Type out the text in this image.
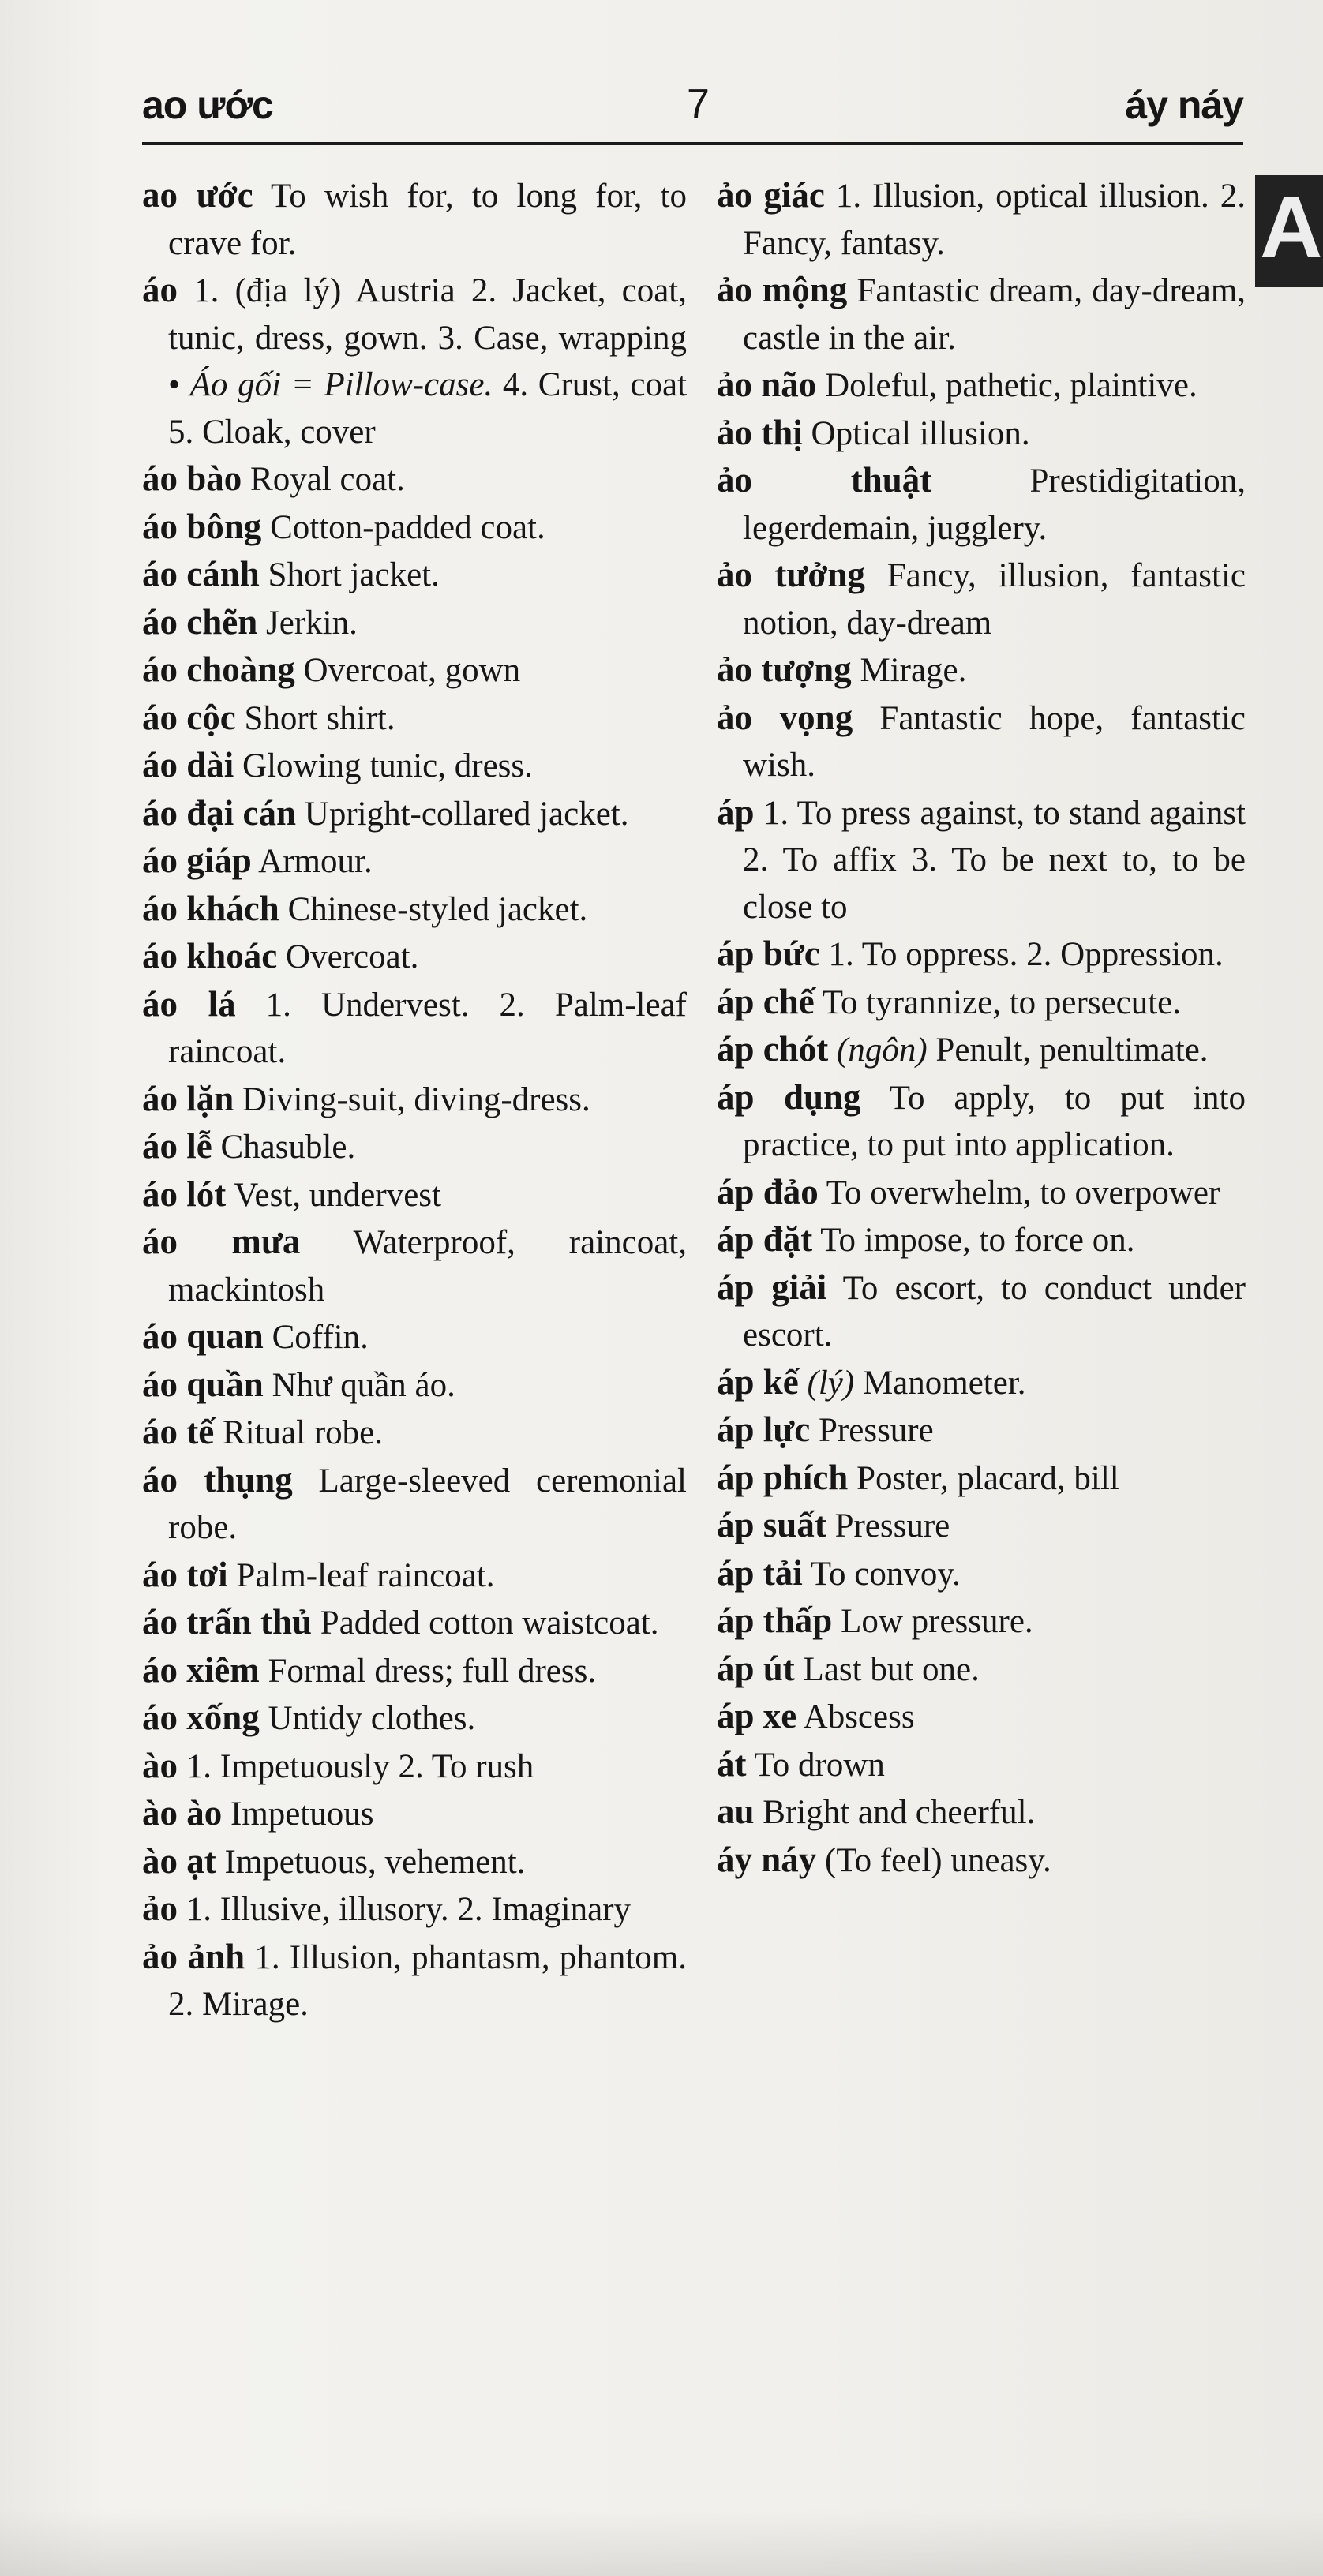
ao ước	7	áy náy
A
ao ước To wish for, to long for, to crave for.
áo 1. (địa lý) Austria 2. Jacket, coat, tunic, dress, gown. 3. Case, wrapping • Áo gối = Pillow-case. 4. Crust, coat 5. Cloak, cover
áo bào Royal coat.
áo bông Cotton-padded coat.
áo cánh Short jacket.
áo chẽn Jerkin.
áo choàng Overcoat, gown
áo cộc Short shirt.
áo dài Glowing tunic, dress.
áo đại cán Upright-collared jacket.
áo giáp Armour.
áo khách Chinese-styled jacket.
áo khoác Overcoat.
áo lá 1. Undervest. 2. Palm-leaf raincoat.
áo lặn Diving-suit, diving-dress.
áo lễ Chasuble.
áo lót Vest, undervest
áo mưa Waterproof, raincoat, mackintosh
áo quan Coffin.
áo quần Như quần áo.
áo tế Ritual robe.
áo thụng Large-sleeved ceremonial robe.
áo tơi Palm-leaf raincoat.
áo trấn thủ Padded cotton waistcoat.
áo xiêm Formal dress; full dress.
áo xống Untidy clothes.
ào 1. Impetuously 2. To rush
ào ào Impetuous
ào ạt Impetuous, vehement.
ảo 1. Illusive, illusory. 2. Imaginary
ảo ảnh 1. Illusion, phantasm, phantom. 2. Mirage.
ảo giác 1. Illusion, optical illusion. 2. Fancy, fantasy.
ảo mộng Fantastic dream, day-dream, castle in the air.
ảo não Doleful, pathetic, plaintive.
ảo thị Optical illusion.
ảo thuật	Prestidigitation, legerdemain, jugglery.
ảo tưởng Fancy, illusion, fantastic notion, day-dream
ảo tượng Mirage.
ảo vọng Fantastic hope, fantastic wish.
áp 1. To press against, to stand against 2. To affix 3. To be next to, to be close to
áp bức 1. To oppress. 2. Oppression.
áp chế To tyrannize, to persecute.
áp chót (ngôn) Penult, penultimate.
áp dụng To apply, to put into practice, to put into application.
áp đảo To overwhelm, to overpower
áp đặt To impose, to force on.
áp giải To escort, to conduct under escort.
áp kế (lý) Manometer.
áp lực Pressure
áp phích Poster, placard, bill
áp suất Pressure
áp tải To convoy.
áp thấp Low pressure.
áp út Last but one.
áp xe Abscess
át To drown
au Bright and cheerful.
áy náy (To feel) uneasy.
